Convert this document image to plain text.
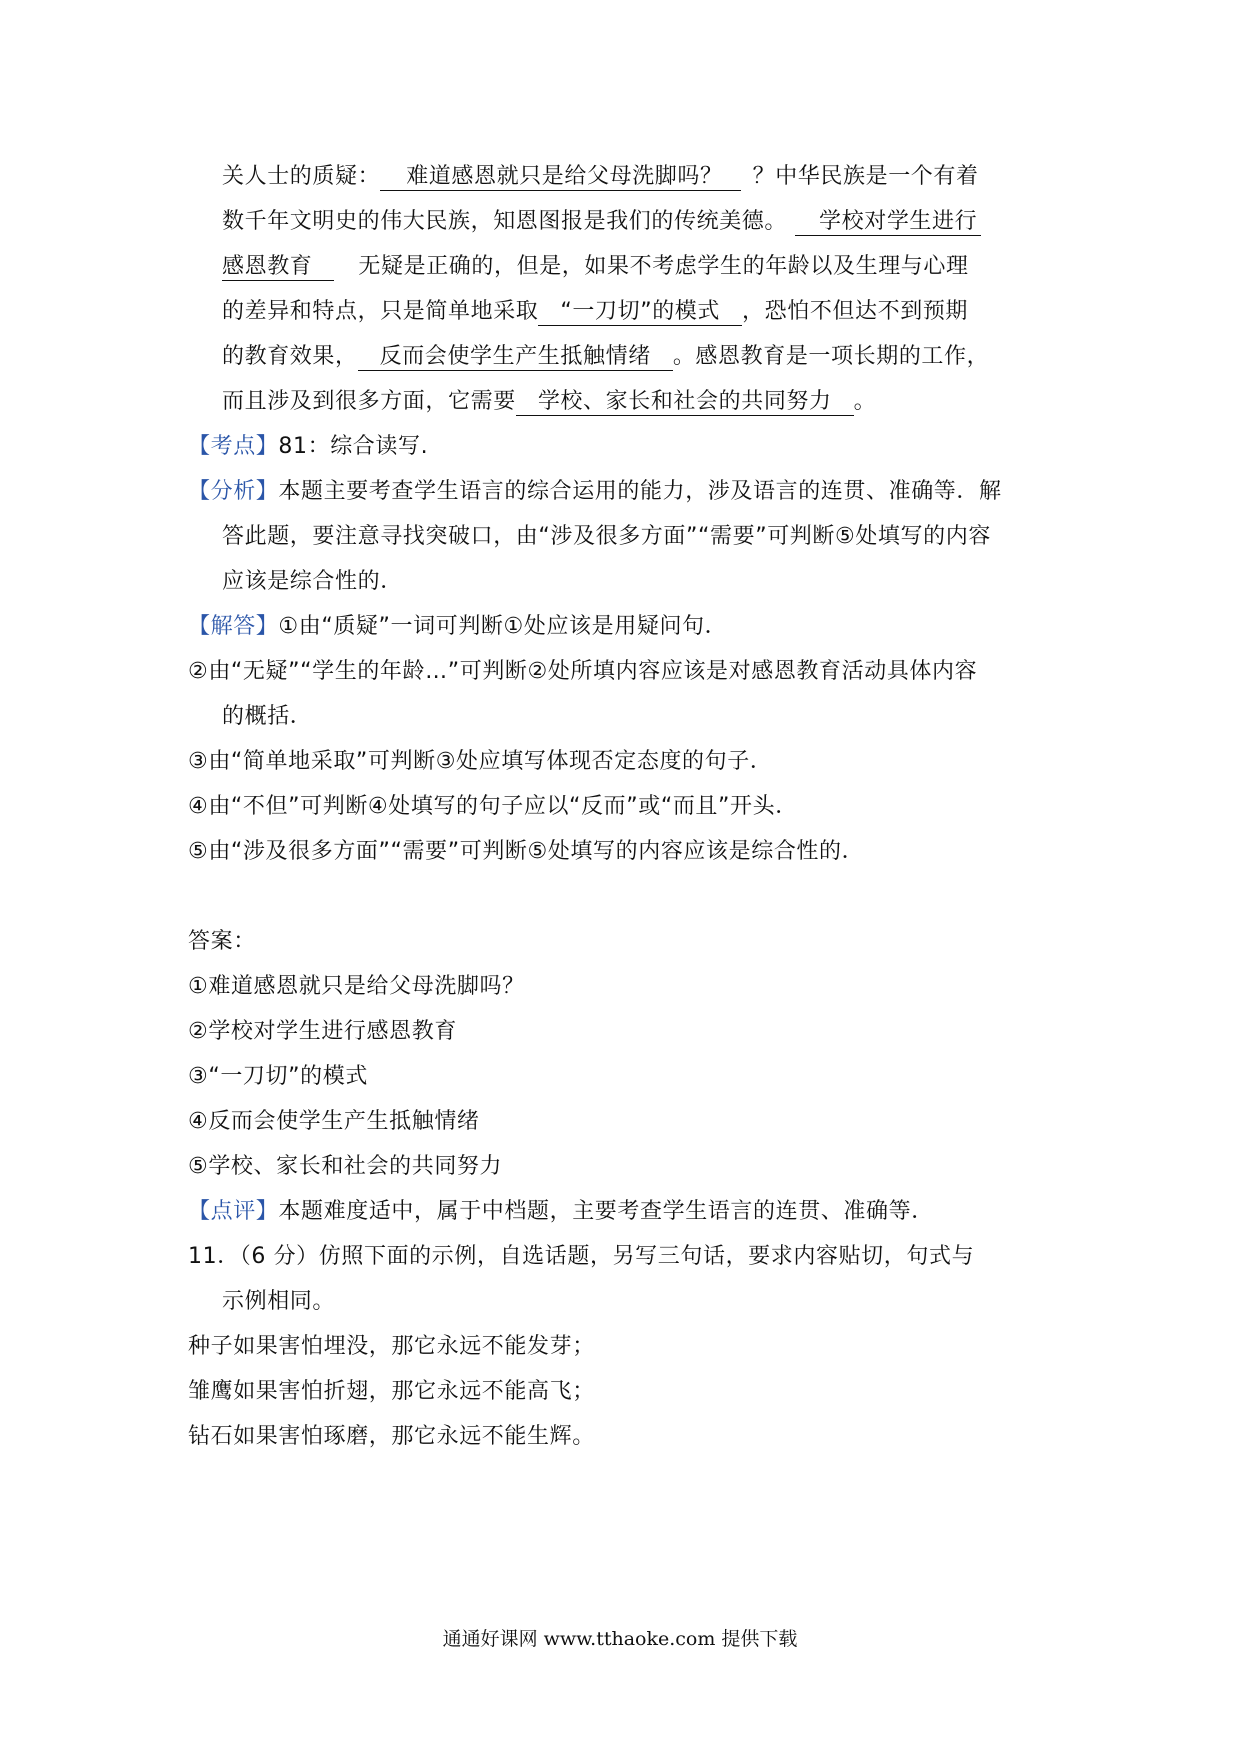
关人士的质疑： 难道感恩就只是给父母洗脚吗？ ？中华民族是一个有着
数千年文明史的伟大民族，知恩图报是我们的传统美德。 学校对学生进行
感恩教育 无疑是正确的，但是，如果不考虑学生的年龄以及生理与心理
的差异和特点，只是简单地采取 “一刀切”的模式 ，恐怕不但达不到预期
的教育效果， 反而会使学生产生抵触情绪 。感恩教育是一项长期的工作，
而且涉及到很多方面，它需要 学校、家长和社会的共同努力 。
【考点】81：综合读写.
【分析】本题主要考查学生语言的综合运用的能力，涉及语言的连贯、准确等．解
答此题，要注意寻找突破口，由“涉及很多方面”“需要”可判断⑤处填写的内容
应该是综合性的．
【解答】①由“质疑”一词可判断①处应该是用疑问句．
②由“无疑”“学生的年龄…”可判断②处所填内容应该是对感恩教育活动具体内容
的概括．
③由“简单地采取”可判断③处应填写体现否定态度的句子．
④由“不但”可判断④处填写的句子应以“反而”或“而且”开头．
⑤由“涉及很多方面”“需要”可判断⑤处填写的内容应该是综合性的．
答案：
①难道感恩就只是给父母洗脚吗？
②学校对学生进行感恩教育
③“一刀切”的模式
④反而会使学生产生抵触情绪
⑤学校、家长和社会的共同努力
【点评】本题难度适中，属于中档题，主要考查学生语言的连贯、准确等．
11．（6 分）仿照下面的示例，自选话题，另写三句话，要求内容贴切，句式与
示例相同。
种子如果害怕埋没，那它永远不能发芽；
雏鹰如果害怕折翅，那它永远不能高飞；
钻石如果害怕琢磨，那它永远不能生辉。
通通好课网 www.tthaoke.com 提供下载
